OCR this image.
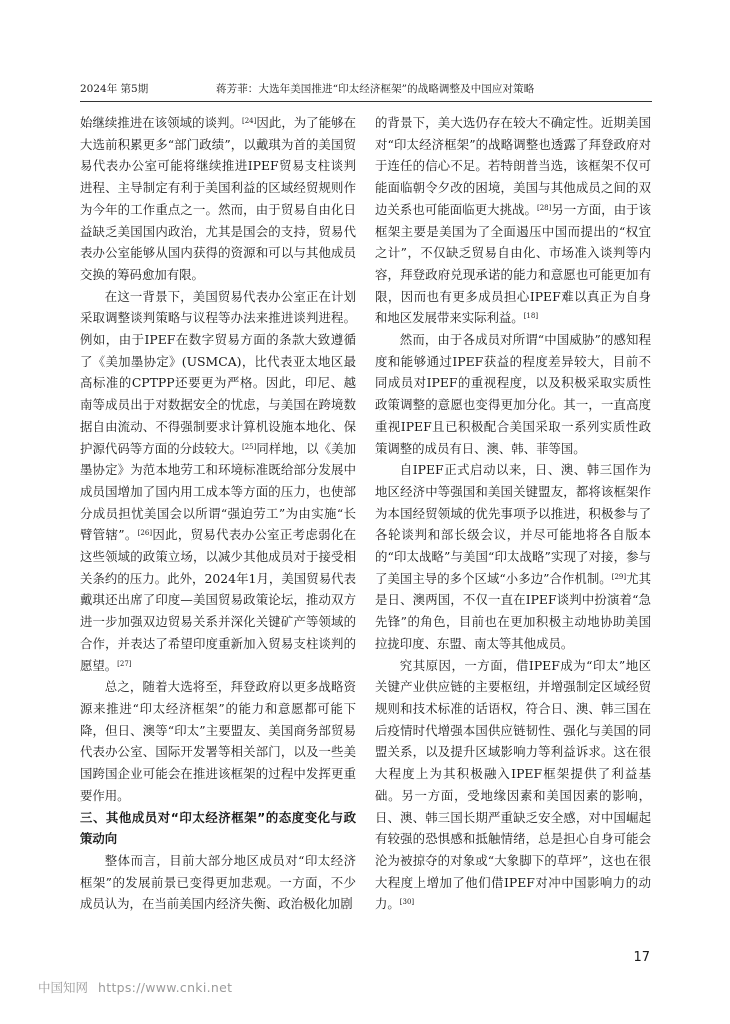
2024年 第5期	蒋芳菲：大选年美国推进“印太经济框架”的战略调整及中国应对策略

始继续推进在该领域的谈判。[24]因此，为了能够在大选前积累更多“部门政绩”，以戴琪为首的美国贸易代表办公室可能将继续推进IPEF贸易支柱谈判进程、主导制定有利于美国利益的区域经贸规则作为今年的工作重点之一。然而，由于贸易自由化日益缺乏美国国内政治，尤其是国会的支持，贸易代表办公室能够从国内获得的资源和可以与其他成员交换的筹码愈加有限。

在这一背景下，美国贸易代表办公室正在计划采取调整谈判策略与议程等办法来推进谈判进程。例如，由于IPEF在数字贸易方面的条款大致遵循了《美加墨协定》(USMCA)，比代表亚太地区最高标准的CPTPP还要更为严格。因此，印尼、越南等成员出于对数据安全的忧虑，与美国在跨境数据自由流动、不得强制要求计算机设施本地化、保护源代码等方面的分歧较大。[25]同样地，以《美加墨协定》为范本地劳工和环境标准既给部分发展中成员国增加了国内用工成本等方面的压力，也使部分成员担忧美国会以所谓“强迫劳工”为由实施“长臂管辖”。[26]因此，贸易代表办公室正考虑弱化在这些领域的政策立场，以减少其他成员对于接受相关条约的压力。此外，2024年1月，美国贸易代表戴琪还出席了印度—美国贸易政策论坛，推动双方进一步加强双边贸易关系并深化关键矿产等领域的合作，并表达了希望印度重新加入贸易支柱谈判的愿望。[27]

总之，随着大选将至，拜登政府以更多战略资源来推进“印太经济框架”的能力和意愿都可能下降，但日、澳等“印太”主要盟友、美国商务部贸易代表办公室、国际开发署等相关部门，以及一些美国跨国企业可能会在推进该框架的过程中发挥更重要作用。

三、其他成员对“印太经济框架”的态度变化与政策动向

整体而言，目前大部分地区成员对“印太经济框架”的发展前景已变得更加悲观。一方面，不少成员认为，在当前美国内经济失衡、政治极化加剧

的背景下，美大选仍存在较大不确定性。近期美国对“印太经济框架”的战略调整也透露了拜登政府对于连任的信心不足。若特朗普当选，该框架不仅可能面临朝令夕改的困境，美国与其他成员之间的双边关系也可能面临更大挑战。[28]另一方面，由于该框架主要是美国为了全面遏压中国而提出的“权宜之计”，不仅缺乏贸易自由化、市场准入谈判等内容，拜登政府兑现承诺的能力和意愿也可能更加有限，因而也有更多成员担心IPEF难以真正为自身和地区发展带来实际利益。[18]

然而，由于各成员对所谓“中国威胁”的感知程度和能够通过IPEF获益的程度差异较大，目前不同成员对IPEF的重视程度，以及积极采取实质性政策调整的意愿也变得更加分化。其一，一直高度重视IPEF且已积极配合美国采取一系列实质性政策调整的成员有日、澳、韩、菲等国。

自IPEF正式启动以来，日、澳、韩三国作为地区经济中等强国和美国关键盟友，都将该框架作为本国经贸领域的优先事项予以推进，积极参与了各轮谈判和部长级会议，并尽可能地将各自版本的“印太战略”与美国“印太战略”实现了对接，参与了美国主导的多个区域“小多边”合作机制。[29]尤其是日、澳两国，不仅一直在IPEF谈判中扮演着“急先锋”的角色，目前也在更加积极主动地协助美国拉拢印度、东盟、南太等其他成员。

究其原因，一方面，借IPEF成为“印太”地区关键产业供应链的主要枢纽，并增强制定区域经贸规则和技术标准的话语权，符合日、澳、韩三国在后疫情时代增强本国供应链韧性、强化与美国的同盟关系，以及提升区域影响力等利益诉求。这在很大程度上为其积极融入IPEF框架提供了利益基础。另一方面，受地缘因素和美国因素的影响，日、澳、韩三国长期严重缺乏安全感，对中国崛起有较强的恐惧感和抵触情绪，总是担心自身可能会沦为被掠夺的对象或“大象脚下的草坪”，这也在很大程度上增加了他们借IPEF对冲中国影响力的动力。[30]

17
中国知网 https://www.cnki.net
